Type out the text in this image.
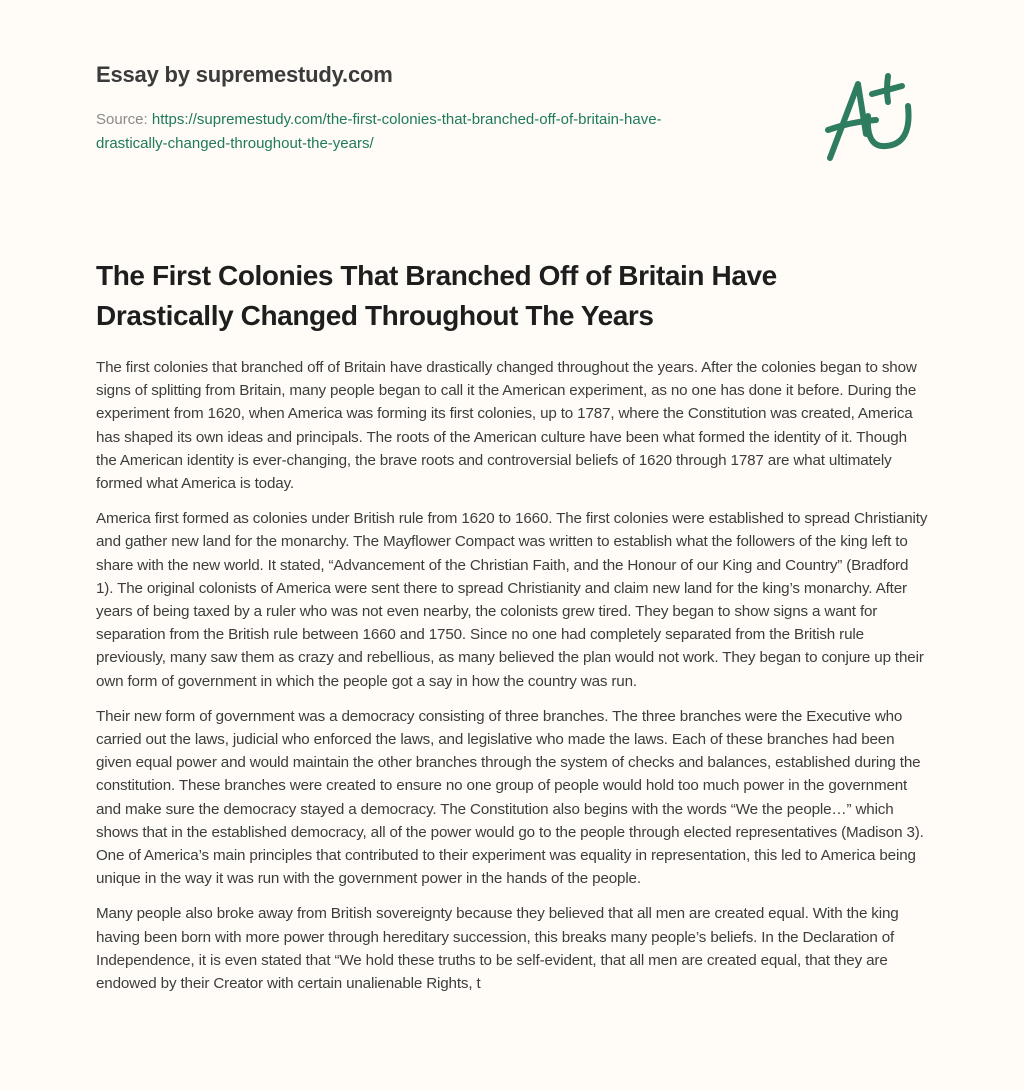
Essay by supremestudy.com
Source: https://supremestudy.com/the-first-colonies-that-branched-off-of-britain-have-
drastically-changed-throughout-the-years/
The First Colonies That Branched Off of Britain Have Drastically Changed Throughout The Years

The first colonies that branched off of Britain have drastically changed throughout the years. After the colonies began to show signs of splitting from Britain, many people began to call it the American experiment, as no one has done it before. During the experiment from 1620, when America was forming its first colonies, up to 1787, where the Constitution was created, America has shaped its own ideas and principals. The roots of the American culture have been what formed the identity of it. Though the American identity is ever-changing, the brave roots and controversial beliefs of 1620 through 1787 are what ultimately formed what America is today.

America first formed as colonies under British rule from 1620 to 1660. The first colonies were established to spread Christianity and gather new land for the monarchy. The Mayflower Compact was written to establish what the followers of the king left to share with the new world. It stated, “Advancement of the Christian Faith, and the Honour of our King and Country” (Bradford 1). The original colonists of America were sent there to spread Christianity and claim new land for the king’s monarchy. After years of being taxed by a ruler who was not even nearby, the colonists grew tired. They began to show signs a want for separation from the British rule between 1660 and 1750. Since no one had completely separated from the British rule previously, many saw them as crazy and rebellious, as many believed the plan would not work. They began to conjure up their own form of government in which the people got a say in how the country was run.

Their new form of government was a democracy consisting of three branches. The three branches were the Executive who carried out the laws, judicial who enforced the laws, and legislative who made the laws. Each of these branches had been given equal power and would maintain the other branches through the system of checks and balances, established during the constitution. These branches were created to ensure no one group of people would hold too much power in the government and make sure the democracy stayed a democracy. The Constitution also begins with the words “We the people…” which shows that in the established democracy, all of the power would go to the people through elected representatives (Madison 3). One of America’s main principles that contributed to their experiment was equality in representation, this led to America being unique in the way it was run with the government power in the hands of the people.

Many people also broke away from British sovereignty because they believed that all men are created equal. With the king having been born with more power through hereditary succession, this breaks many people’s beliefs. In the Declaration of Independence, it is even stated that “We hold these truths to be self-evident, that all men are created equal, that they are endowed by their Creator with certain unalienable Rights, t
